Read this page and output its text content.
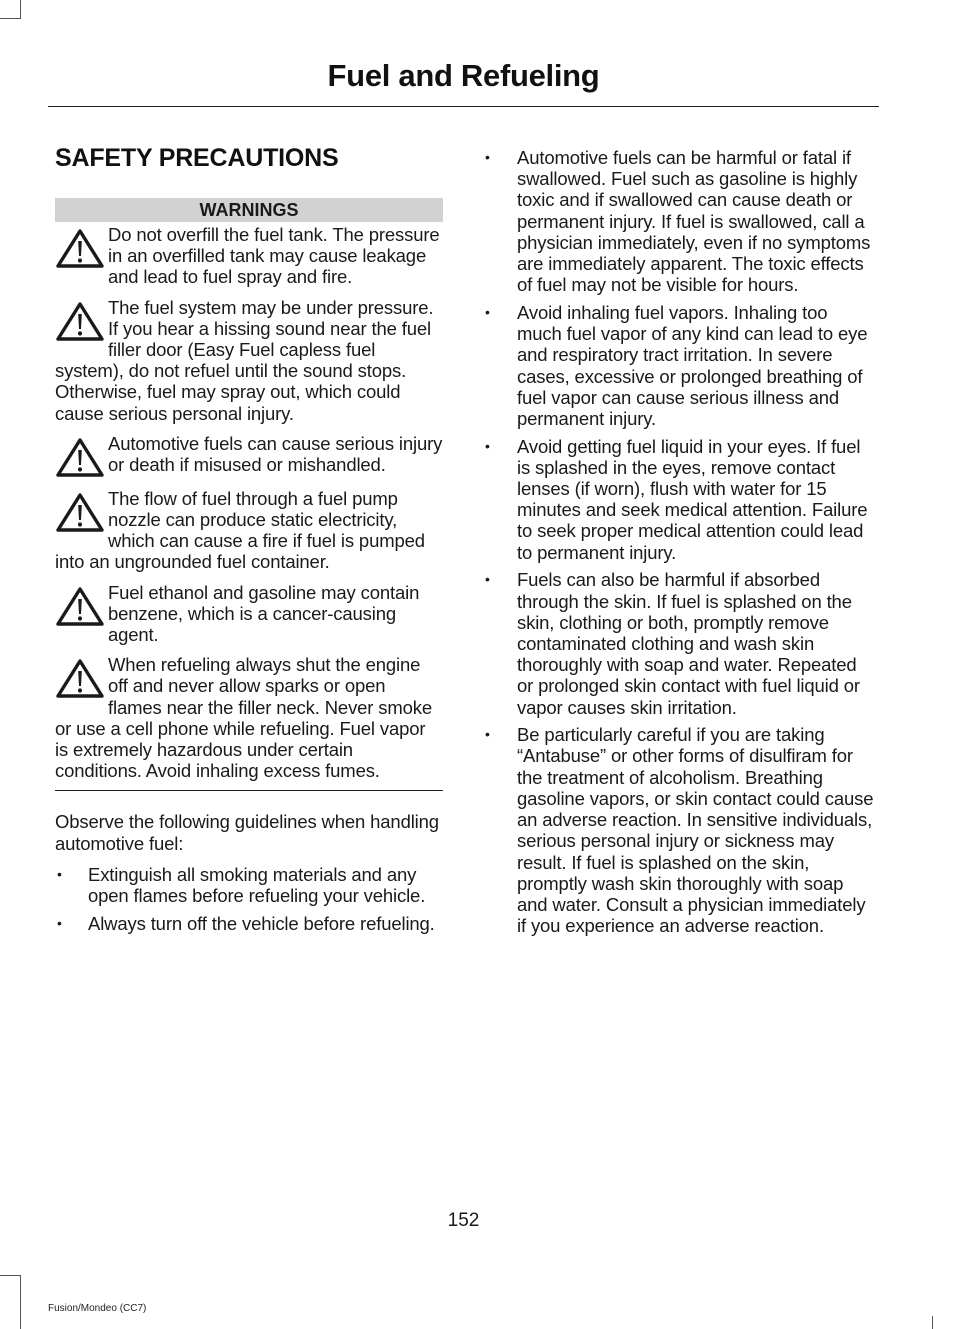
Fuel and Refueling
SAFETY PRECAUTIONS
WARNINGS
Do not overfill the fuel tank. The pressure in an overfilled tank may cause leakage and lead to fuel spray and fire.
The fuel system may be under pressure. If you hear a hissing sound near the fuel filler door (Easy Fuel capless fuel system), do not refuel until the sound stops. Otherwise, fuel may spray out, which could cause serious personal injury.
Automotive fuels can cause serious injury or death if misused or mishandled.
The flow of fuel through a fuel pump nozzle can produce static electricity, which can cause a fire if fuel is pumped into an ungrounded fuel container.
Fuel ethanol and gasoline may contain benzene, which is a cancer-causing agent.
When refueling always shut the engine off and never allow sparks or open flames near the filler neck. Never smoke or use a cell phone while refueling. Fuel vapor is extremely hazardous under certain conditions. Avoid inhaling excess fumes.

Observe the following guidelines when handling automotive fuel:

• Extinguish all smoking materials and any open flames before refueling your vehicle.
• Always turn off the vehicle before refueling.
• Automotive fuels can be harmful or fatal if swallowed. Fuel such as gasoline is highly toxic and if swallowed can cause death or permanent injury. If fuel is swallowed, call a physician immediately, even if no symptoms are immediately apparent. The toxic effects of fuel may not be visible for hours.
• Avoid inhaling fuel vapors. Inhaling too much fuel vapor of any kind can lead to eye and respiratory tract irritation. In severe cases, excessive or prolonged breathing of fuel vapor can cause serious illness and permanent injury.
• Avoid getting fuel liquid in your eyes. If fuel is splashed in the eyes, remove contact lenses (if worn), flush with water for 15 minutes and seek medical attention. Failure to seek proper medical attention could lead to permanent injury.
• Fuels can also be harmful if absorbed through the skin. If fuel is splashed on the skin, clothing or both, promptly remove contaminated clothing and wash skin thoroughly with soap and water. Repeated or prolonged skin contact with fuel liquid or vapor causes skin irritation.
• Be particularly careful if you are taking “Antabuse” or other forms of disulfiram for the treatment of alcoholism. Breathing gasoline vapors, or skin contact could cause an adverse reaction. In sensitive individuals, serious personal injury or sickness may result. If fuel is splashed on the skin, promptly wash skin thoroughly with soap and water. Consult a physician immediately if you experience an adverse reaction.
152
Fusion/Mondeo (CC7)
